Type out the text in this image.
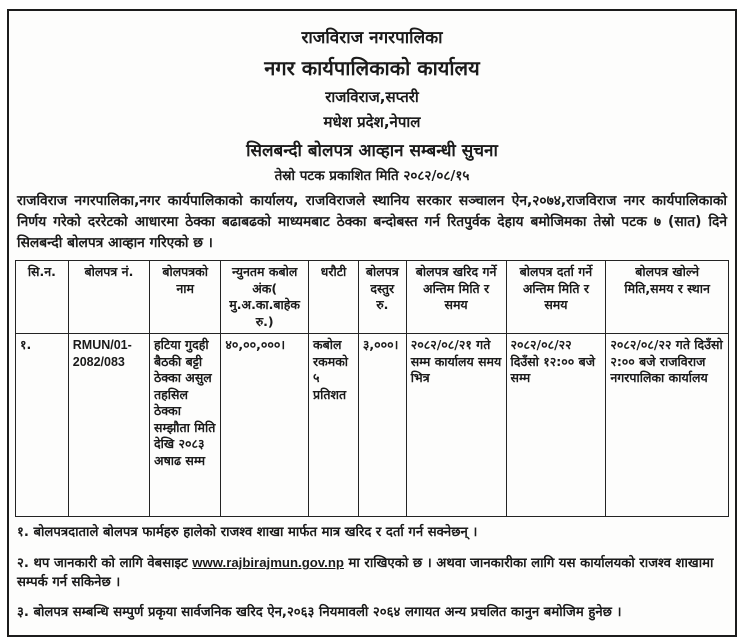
राजविराज नगरपालिका
नगर कार्यपालिकाको कार्यालय
राजविराज,सप्तरी
मधेश प्रदेश,नेपाल
सिलबन्दी बोलपत्र आव्हान सम्बन्धी सुचना
तेस्रो पटक प्रकाशित मिति २०८२/०८/१५
राजविराज नगरपालिका,नगर कार्यपालिकाको कार्यालय, राजविराजले स्थानिय सरकार सञ्चालन ऐन,२०७४,राजविराज नगर कार्यपालिकाको निर्णय गरेको दररेटको आधारमा ठेक्का बढाबढको माध्यमबाट ठेक्का बन्दोबस्त गर्न रितपुर्वक देहाय बमोजिमका तेस्रो पटक ७ (सात) दिने सिलबन्दी बोलपत्र आव्हान गरिएको छ ।
सि.न.	बोलपत्र नं.	बोलपत्रको नाम	न्युनतम कबोल अंक( मु.अ.का.बाहेक रु.)	धरौटी	बोलपत्र दस्तुर रु.	बोलपत्र खरिद गर्ने अन्तिम मिति र समय	बोलपत्र दर्ता गर्ने अन्तिम मिति र समय	बोलपत्र खोल्ने मिति,समय र स्थान
१.	RMUN/01-2082/083	हटिया गुदही बैठकी बट्टी ठेक्का असुल तहसिल ठेक्का सम्झौता मिति देखि २०८३ अषाढ सम्म	४०,००,०००।	कबोल रकमको ५ प्रतिशत	३,०००।	२०८२/०८/२१ गते सम्म कार्यालय समय भित्र	२०८२/०८/२२ दिउँसो १२:०० बजे सम्म	२०८२/०८/२२ गते दिउँसो २:०० बजे राजविराज नगरपालिका कार्यालय
१. बोलपत्रदाताले बोलपत्र फार्महरु हालेको राजश्व शाखा मार्फत मात्र खरिद र दर्ता गर्न सक्नेछन् ।
२. थप जानकारी को लागि वेबसाइट www.rajbirajmun.gov.np मा राखिएको छ । अथवा जानकारीका लागि यस कार्यालयको राजश्व शाखामा सम्पर्क गर्न सकिनेछ ।
३. बोलपत्र सम्बन्धि सम्पुर्ण प्रकृया सार्वजनिक खरिद ऐन,२०६३ नियमावली २०६४ लगायत अन्य प्रचलित कानुन बमोजिम हुनेछ ।
